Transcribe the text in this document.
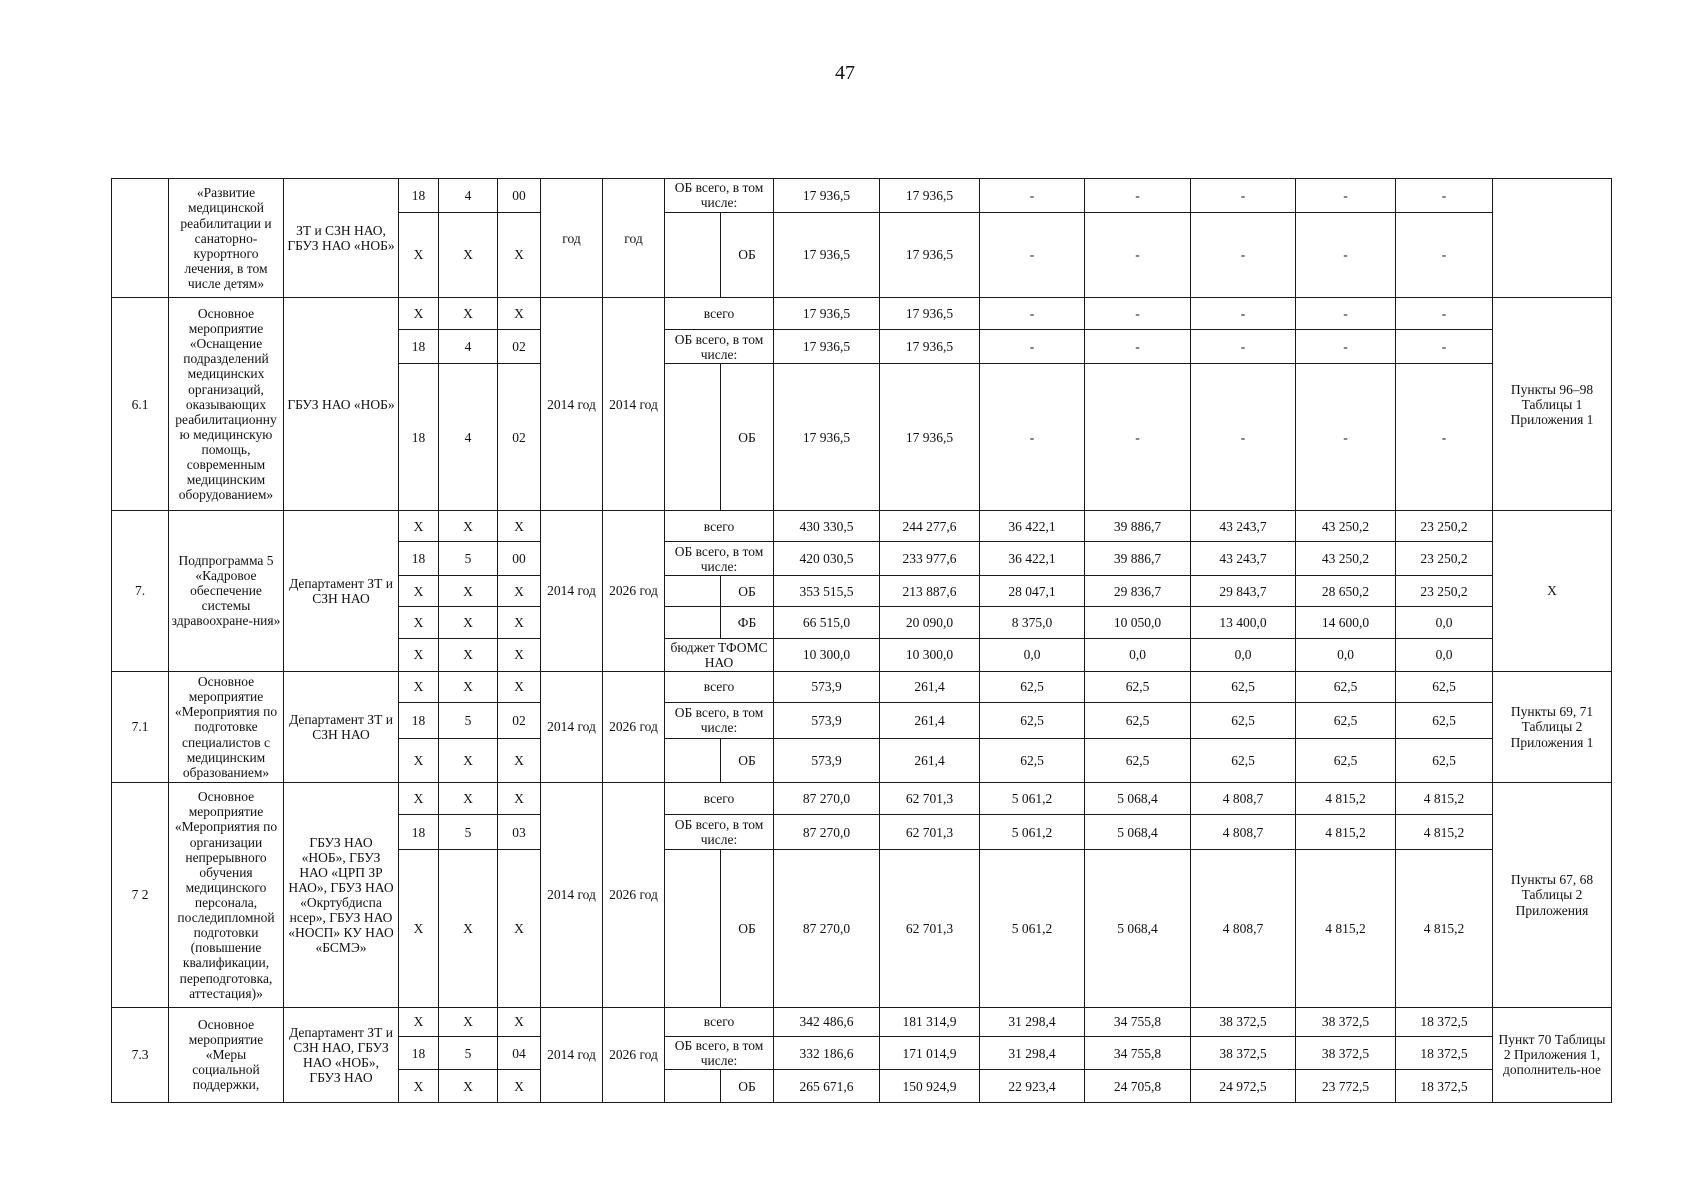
47
	«Развитие медицинской реабилитации и санаторно-курортного лечения, в том числе детям»	ЗТ и СЗН НАО, ГБУЗ НАО «НОБ»	18	4	00	год	год	ОБ всего, в том числе:		17 936,5	17 936,5	-	-	-	-	-	
			X	X	X				ОБ	17 936,5	17 936,5	-	-	-	-	-	
6.1	Основное мероприятие «Оснащение подразделений медицинских организаций, оказывающих реабилитационну ю медицинскую помощь, современным медицинским оборудованием»	ГБУЗ НАО «НОБ»	X	X	X	2014 год	2014 год	всего		17 936,5	17 936,5	-	-	-	-	-	Пункты 96–98 Таблицы 1 Приложения 1
			18	4	02			ОБ всего, в том числе:		17 936,5	17 936,5	-	-	-	-	-	
			18	4	02				ОБ	17 936,5	17 936,5	-	-	-	-	-	
7.	Подпрограмма 5 «Кадровое обеспечение системы здравоохране-ния»	Департамент ЗТ и СЗН НАО	X	X	X	2014 год	2026 год	всего		430 330,5	244 277,6	36 422,1	39 886,7	43 243,7	43 250,2	23 250,2	X
			18	5	00			ОБ всего, в том числе:		420 030,5	233 977,6	36 422,1	39 886,7	43 243,7	43 250,2	23 250,2	
			X	X	X				ОБ	353 515,5	213 887,6	28 047,1	29 836,7	29 843,7	28 650,2	23 250,2	
			X	X	X				ФБ	66 515,0	20 090,0	8 375,0	10 050,0	13 400,0	14 600,0	0,0	
			X	X	X			бюджет ТФОМС НАО		10 300,0	10 300,0	0,0	0,0	0,0	0,0	0,0	
7.1	Основное мероприятие «Мероприятия по подготовке специалистов с медицинским образованием»	Департамент ЗТ и СЗН НАО	X	X	X	2014 год	2026 год	всего		573,9	261,4	62,5	62,5	62,5	62,5	62,5	Пункты 69, 71 Таблицы 2 Приложения 1
			18	5	02			ОБ всего, в том числе:		573,9	261,4	62,5	62,5	62,5	62,5	62,5	
			X	X	X				ОБ	573,9	261,4	62,5	62,5	62,5	62,5	62,5	
7 2	Основное мероприятие «Мероприятия по организации непрерывного обучения медицинского персонала, последипломной подготовки (повышение квалификации, переподготовка, аттестация)»	ГБУЗ НАО «НОБ», ГБУЗ НАО «ЦРП ЗР НАО», ГБУЗ НАО «Окртубдиспа нсер», ГБУЗ НАО «НОСП» КУ НАО «БСМЭ»	X	X	X	2014 год	2026 год	всего		87 270,0	62 701,3	5 061,2	5 068,4	4 808,7	4 815,2	4 815,2	Пункты 67, 68 Таблицы 2 Приложения
			18	5	03			ОБ всего, в том числе:		87 270,0	62 701,3	5 061,2	5 068,4	4 808,7	4 815,2	4 815,2	
			X	X	X				ОБ	87 270,0	62 701,3	5 061,2	5 068,4	4 808,7	4 815,2	4 815,2	
7.3	Основное мероприятие «Меры социальной поддержки,	Департамент ЗТ и СЗН НАО, ГБУЗ НАО «НОБ», ГБУЗ НАО	X	X	X	2014 год	2026 год	всего		342 486,6	181 314,9	31 298,4	34 755,8	38 372,5	38 372,5	18 372,5	Пункт 70 Таблицы 2 Приложения 1, дополнитель-ное
			18	5	04			ОБ всего, в том числе:		332 186,6	171 014,9	31 298,4	34 755,8	38 372,5	38 372,5	18 372,5	
			X	X	X				ОБ	265 671,6	150 924,9	22 923,4	24 705,8	24 972,5	23 772,5	18 372,5	
